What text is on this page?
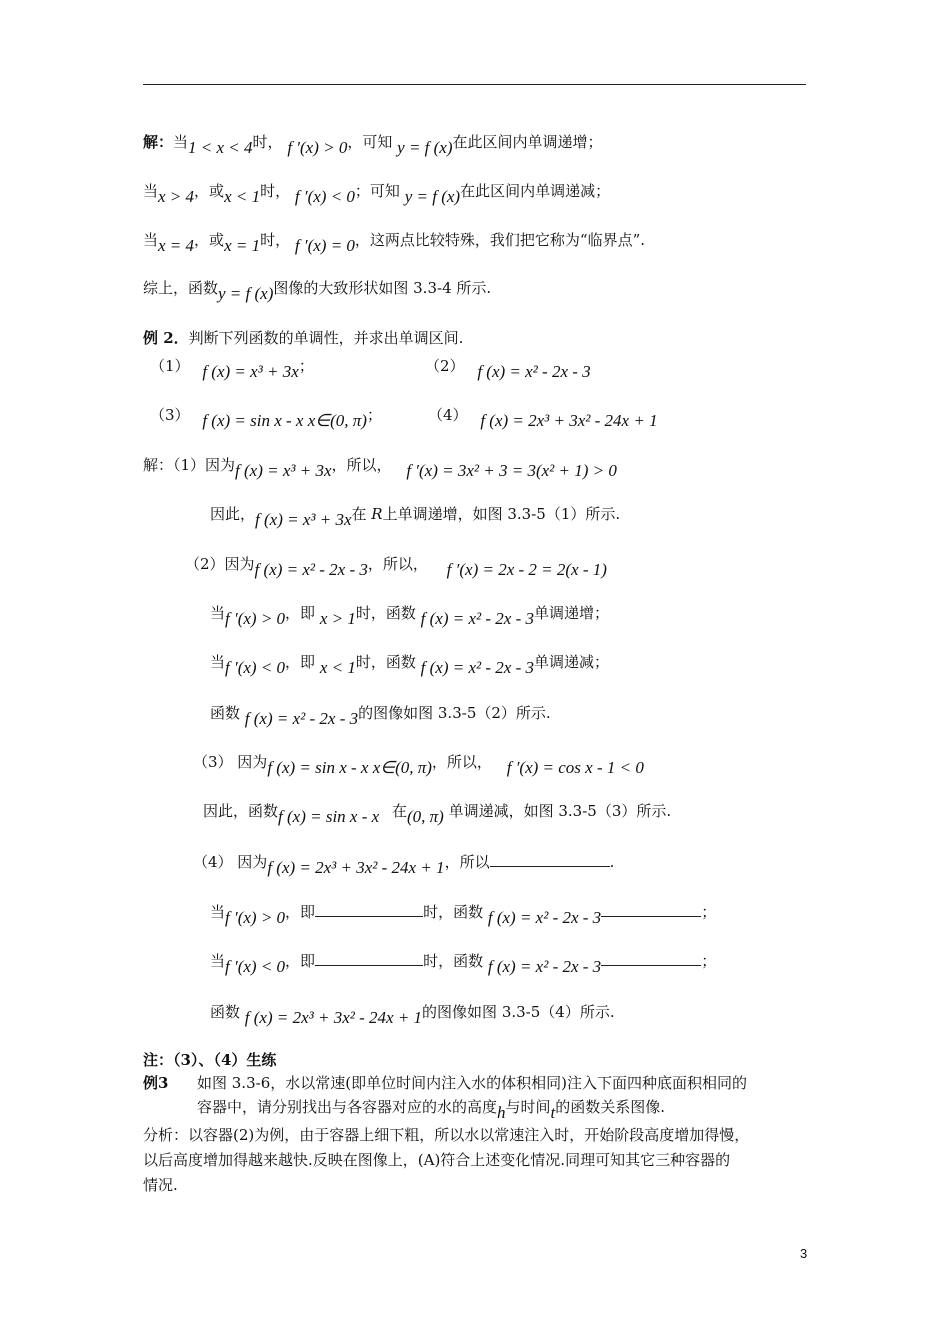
解：当1 < x < 4时， f ′(x) > 0，可知 y = f (x)在此区间内单调递增；
当x > 4，或x < 1时， f ′(x) < 0；可知 y = f (x)在此区间内单调递减；
当x = 4，或x = 1时， f ′(x) = 0，这两点比较特殊，我们把它称为“临界点”.
综上，函数y = f (x)图像的大致形状如图 3.3-4 所示.
例 2．判断下列函数的单调性，并求出单调区间.
（1） f (x) = x³ + 3x；	（2） f (x) = x² - 2x - 3
（3） f (x) = sin x - x x∈(0, π)；	（4） f (x) = 2x³ + 3x² - 24x + 1
解：（1）因为f (x) = x³ + 3x，所以， f ′(x) = 3x² + 3 = 3(x² + 1) > 0
因此，f (x) = x³ + 3x在 R上单调递增，如图 3.3-5（1）所示.
（2）因为f (x) = x² - 2x - 3，所以， f ′(x) = 2x - 2 = 2(x - 1)
当f ′(x) > 0，即 x > 1时，函数 f (x) = x² - 2x - 3单调递增；
当f ′(x) < 0，即 x < 1时，函数 f (x) = x² - 2x - 3单调递减；
函数 f (x) = x² - 2x - 3的图像如图 3.3-5（2）所示.
（3） 因为f (x) = sin x - x x∈(0, π)，所以， f ′(x) = cos x - 1 < 0
因此，函数f (x) = sin x - x 在(0, π) 单调递减，如图 3.3-5（3）所示.
（4） 因为f (x) = 2x³ + 3x² - 24x + 1，所以	.
当f ′(x) > 0，即	时，函数 f (x) = x² - 2x - 3	；
当f ′(x) < 0，即	时，函数 f (x) = x² - 2x - 3	；
函数 f (x) = 2x³ + 3x² - 24x + 1的图像如图 3.3-5（4）所示.
注：（3）、（4）生练
例3 如图 3.3-6，水以常速(即单位时间内注入水的体积相同)注入下面四种底面积相同的
容器中，请分别找出与各容器对应的水的高度h与时间t的函数关系图像.
分析：以容器(2)为例，由于容器上细下粗，所以水以常速注入时，开始阶段高度增加得慢，
以后高度增加得越来越快.反映在图像上，(A)符合上述变化情况.同理可知其它三种容器的
情况.
3
